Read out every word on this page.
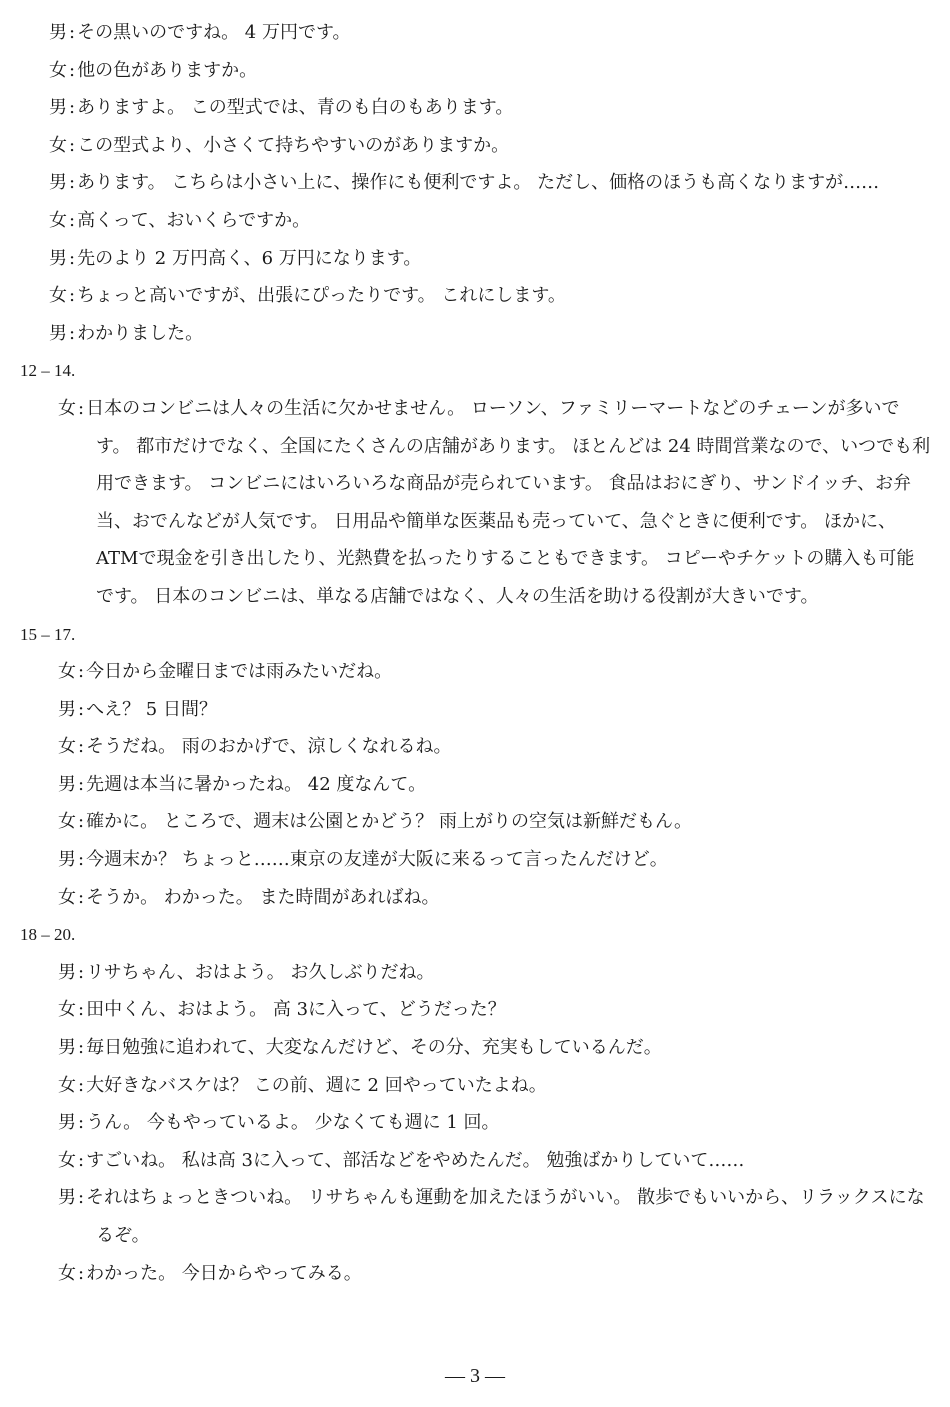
男 : その黒いのですね。 4 万円です。
女 : 他の色がありますか。
男 : ありますよ。 この型式では、青のも白のもあります。
女 : この型式より、小さくて持ちやすいのがありますか。
男 : あります。 こちらは小さい上に、操作にも便利ですよ。 ただし、価格のほうも高くなりますが……
女 : 高くって、おいくらですか。
男 : 先のより 2 万円高く、6 万円になります。
女 : ちょっと高いですが、出張にぴったりです。 これにします。
男 : わかりました。
12 – 14.
女 : 日本のコンビニは人々の生活に欠かせません。 ローソン、ファミリーマートなどのチェーンが多いです。 都市だけでなく、全国にたくさんの店舗があります。 ほとんどは 24 時間営業なので、いつでも利用できます。 コンビニにはいろいろな商品が売られています。 食品はおにぎり、サンドイッチ、お弁当、おでんなどが人気です。 日用品や簡単な医薬品も売っていて、急ぐときに便利です。 ほかに、ATMで現金を引き出したり、光熱費を払ったりすることもできます。 コピーやチケットの購入も可能です。 日本のコンビニは、単なる店舗ではなく、人々の生活を助ける役割が大きいです。
15 – 17.
女 : 今日から金曜日までは雨みたいだね。
男 : へえ？ 5 日間？
女 : そうだね。 雨のおかげで、涼しくなれるね。
男 : 先週は本当に暑かったね。 42 度なんて。
女 : 確かに。 ところで、週末は公園とかどう？ 雨上がりの空気は新鮮だもん。
男 : 今週末か？ ちょっと……東京の友達が大阪に来るって言ったんだけど。
女 : そうか。 わかった。 また時間があればね。
18 – 20.
男 : リサちゃん、おはよう。 お久しぶりだね。
女 : 田中くん、おはよう。 高 3に入って、どうだった？
男 : 毎日勉強に追われて、大変なんだけど、その分、充実もしているんだ。
女 : 大好きなバスケは？ この前、週に 2 回やっていたよね。
男 : うん。 今もやっているよ。 少なくても週に 1 回。
女 : すごいね。 私は高 3に入って、部活などをやめたんだ。 勉強ばかりしていて……
男 : それはちょっときついね。 リサちゃんも運動を加えたほうがいい。 散歩でもいいから、リラックスになるぞ。
女 : わかった。 今日からやってみる。
— 3 —
